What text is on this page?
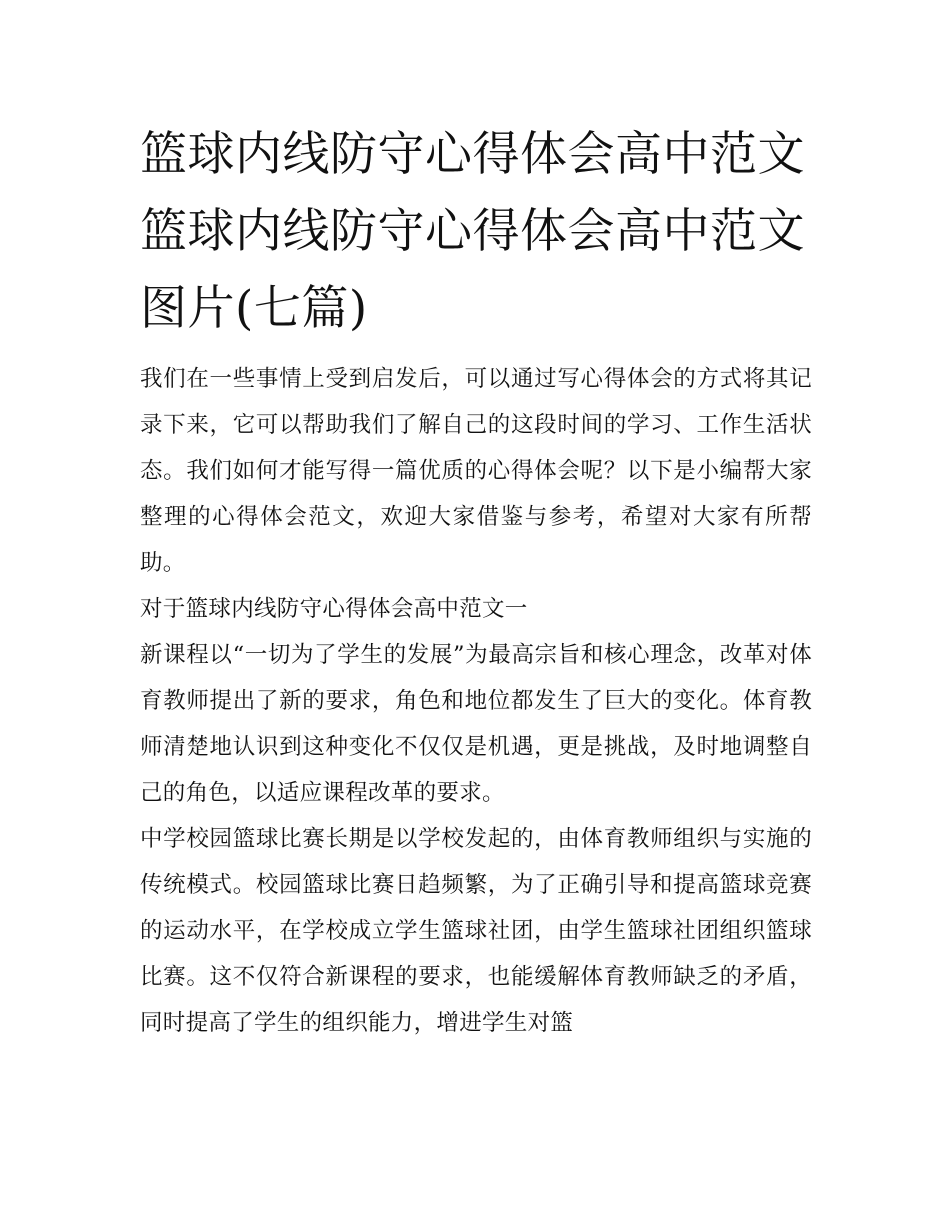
篮球内线防守心得体会高中范文 篮球内线防守心得体会高中范文图片(七篇)

我们在一些事情上受到启发后，可以通过写心得体会的方式将其记录下来，它可以帮助我们了解自己的这段时间的学习、工作生活状态。我们如何才能写得一篇优质的心得体会呢？以下是小编帮大家整理的心得体会范文，欢迎大家借鉴与参考，希望对大家有所帮助。

对于篮球内线防守心得体会高中范文一

新课程以“一切为了学生的发展”为最高宗旨和核心理念，改革对体育教师提出了新的要求，角色和地位都发生了巨大的变化。体育教师清楚地认识到这种变化不仅仅是机遇，更是挑战，及时地调整自己的角色，以适应课程改革的要求。

中学校园篮球比赛长期是以学校发起的，由体育教师组织与实施的传统模式。校园篮球比赛日趋频繁，为了正确引导和提高篮球竞赛的运动水平，在学校成立学生篮球社团，由学生篮球社团组织篮球比赛。这不仅符合新课程的要求，也能缓解体育教师缺乏的矛盾，同时提高了学生的组织能力，增进学生对篮
